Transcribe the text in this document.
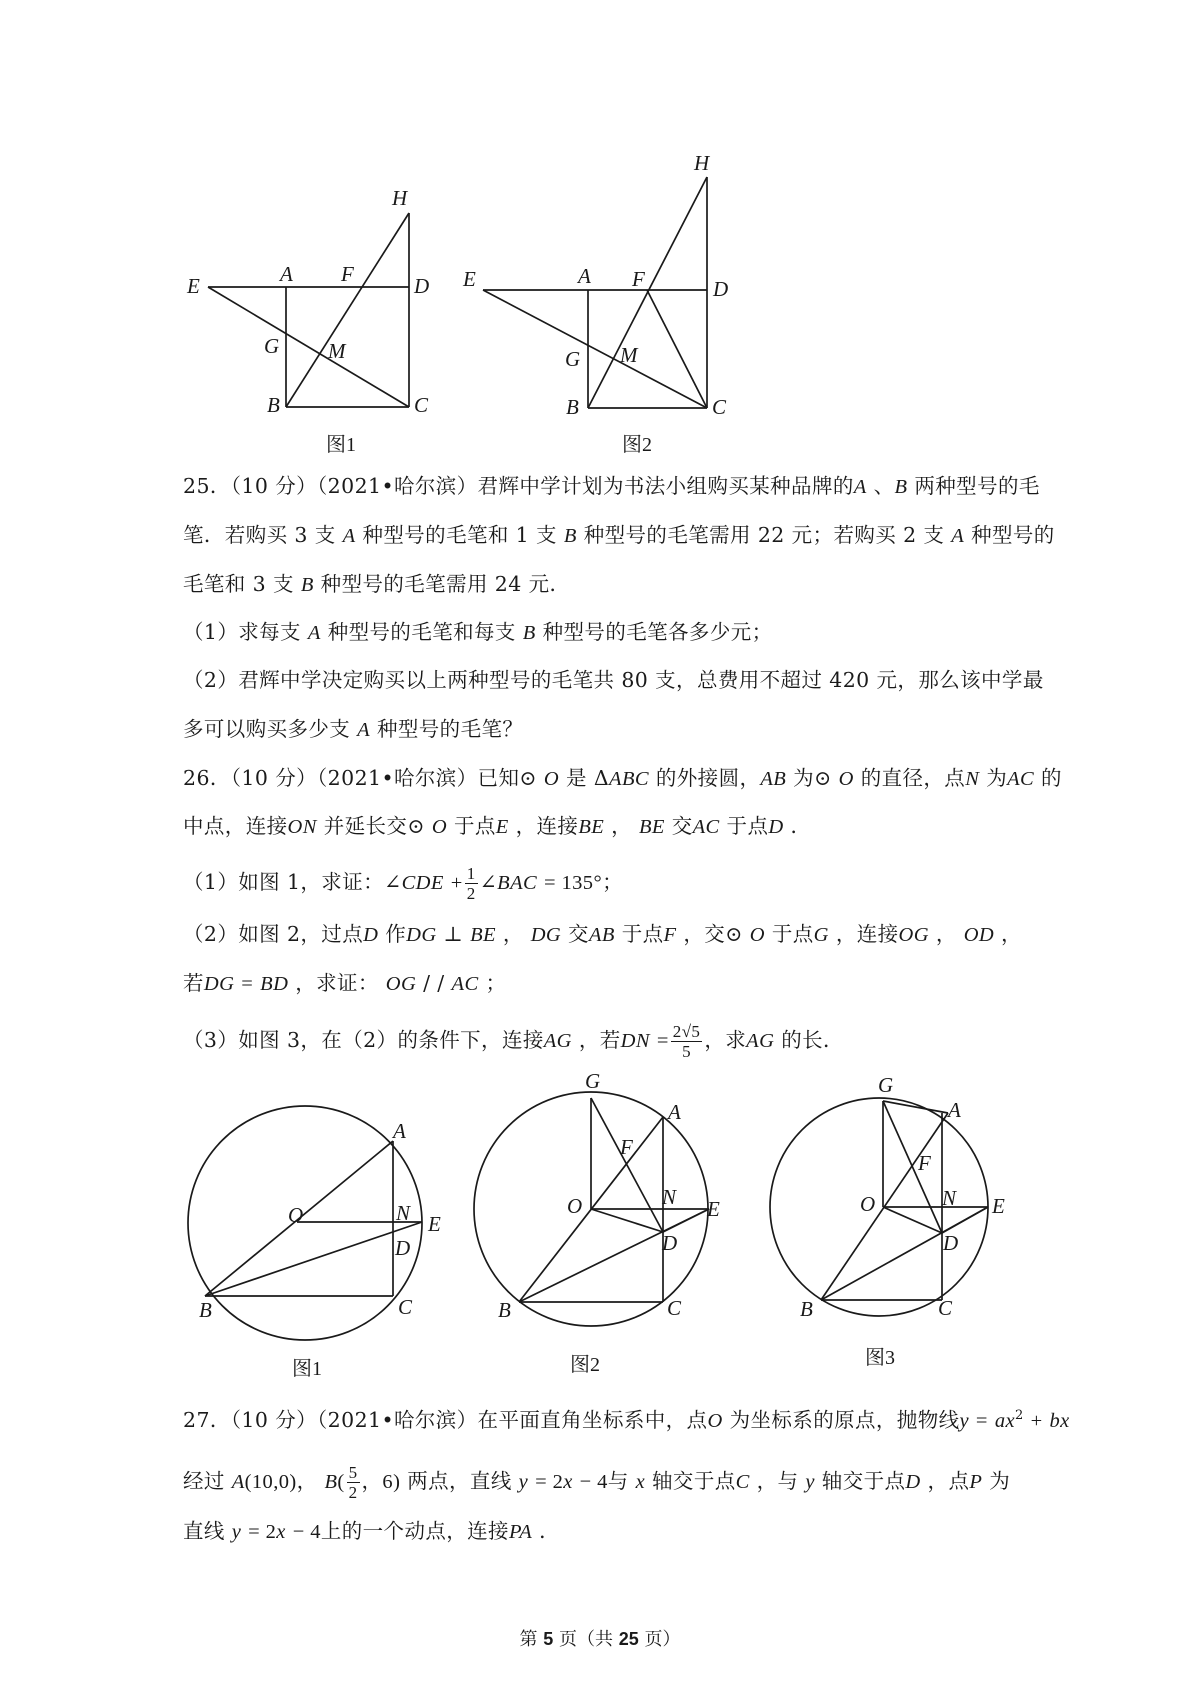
E	A F	D
H
G M
B	C
图1
E	A F	D
H
G M
B	C
图2
A
O	N E
D
B	C
图1
G
A
F
O	N E
D
B	C
图2
G
A
F
O	N E
D
B	C
图3
25．（10 分）（2021•哈尔滨）君辉中学计划为书法小组购买某种品牌的A 、B 两种型号的毛
笔．若购买 3 支 A 种型号的毛笔和 1 支 B 种型号的毛笔需用 22 元；若购买 2 支 A 种型号的
毛笔和 3 支 B 种型号的毛笔需用 24 元．
（1）求每支 A 种型号的毛笔和每支 B 种型号的毛笔各多少元；
（2）君辉中学决定购买以上两种型号的毛笔共 80 支，总费用不超过 420 元，那么该中学最
多可以购买多少支 A 种型号的毛笔？
26．（10 分）（2021•哈尔滨）已知⊙ O 是 ΔABC 的外接圆，AB 为⊙ O 的直径，点N 为AC 的
中点，连接ON 并延长交⊙ O 于点E ，连接BE ， BE 交AC 于点D ．
（1）如图 1，求证：∠CDE + $\frac{1}{2}$ ∠BAC = 135°；
（2）如图 2，过点D 作DG ⊥ BE ， DG 交AB 于点F ，交⊙ O 于点G ，连接OG ， OD ，
若DG = BD ，求证： OG / / AC ；
（3）如图 3，在（2）的条件下，连接AG ，若DN = $\frac{2√5}{5}$ ，求AG 的长．
27．（10 分）（2021•哈尔滨）在平面直角坐标系中，点O 为坐标系的原点，抛物线$y = ax^2$ + bx
经过 A(10,0)， $B( \frac{5}{2}$ ，6) 两点，直线 y = 2x − 4与 x 轴交于点C ，与 y 轴交于点D ，点P 为
直线 y = 2x − 4上的一个动点，连接PA ．
第 5 页（共 25 页）
